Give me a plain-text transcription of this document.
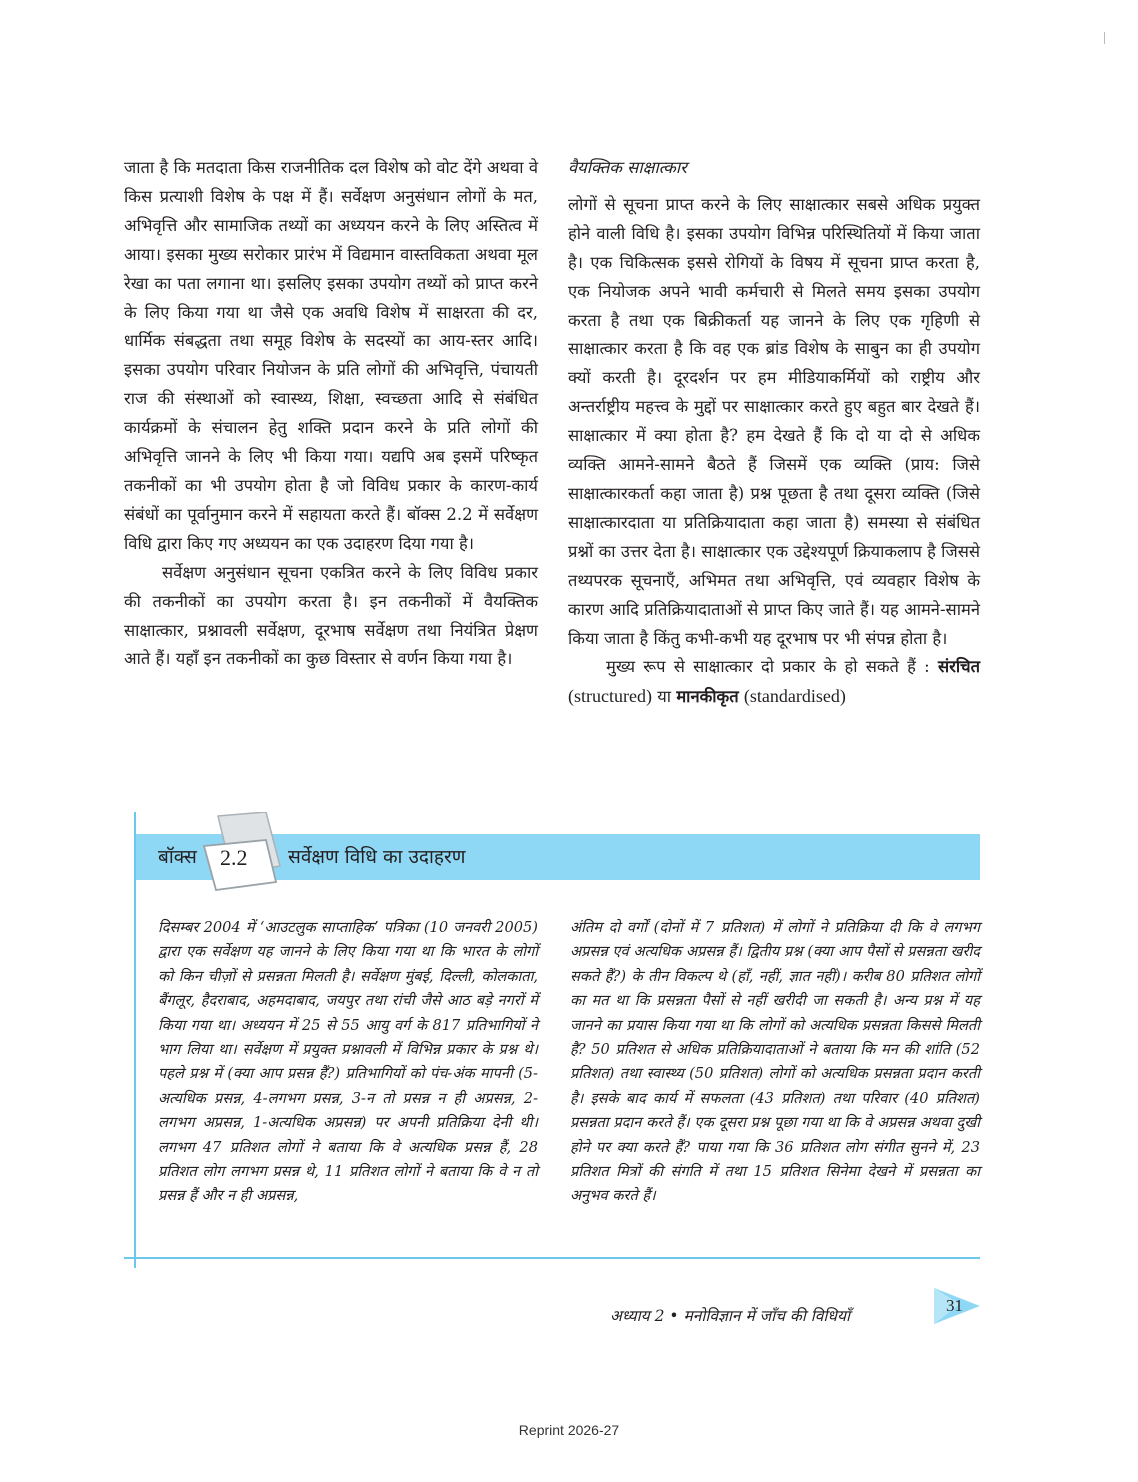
जाता है कि मतदाता किस राजनीतिक दल विशेष को वोट देंगे अथवा वे किस प्रत्याशी विशेष के पक्ष में हैं। सर्वेक्षण अनुसंधान लोगों के मत, अभिवृत्ति और सामाजिक तथ्यों का अध्ययन करने के लिए अस्तित्व में आया। इसका मुख्य सरोकार प्रारंभ में विद्यमान वास्तविकता अथवा मूल रेखा का पता लगाना था। इसलिए इसका उपयोग तथ्यों को प्राप्त करने के लिए किया गया था जैसे एक अवधि विशेष में साक्षरता की दर, धार्मिक संबद्धता तथा समूह विशेष के सदस्यों का आय-स्तर आदि। इसका उपयोग परिवार नियोजन के प्रति लोगों की अभिवृत्ति, पंचायती राज की संस्थाओं को स्वास्थ्य, शिक्षा, स्वच्छता आदि से संबंधित कार्यक्रमों के संचालन हेतु शक्ति प्रदान करने के प्रति लोगों की अभिवृत्ति जानने के लिए भी किया गया। यद्यपि अब इसमें परिष्कृत तकनीकों का भी उपयोग होता है जो विविध प्रकार के कारण-कार्य संबंधों का पूर्वानुमान करने में सहायता करते हैं। बॉक्स 2.2 में सर्वेक्षण विधि द्वारा किए गए अध्ययन का एक उदाहरण दिया गया है।

सर्वेक्षण अनुसंधान सूचना एकत्रित करने के लिए विविध प्रकार की तकनीकों का उपयोग करता है। इन तकनीकों में वैयक्तिक साक्षात्कार, प्रश्नावली सर्वेक्षण, दूरभाष सर्वेक्षण तथा नियंत्रित प्रेक्षण आते हैं। यहाँ इन तकनीकों का कुछ विस्तार से वर्णन किया गया है।

वैयक्तिक साक्षात्कार

लोगों से सूचना प्राप्त करने के लिए साक्षात्कार सबसे अधिक प्रयुक्त होने वाली विधि है। इसका उपयोग विभिन्न परिस्थितियों में किया जाता है। एक चिकित्सक इससे रोगियों के विषय में सूचना प्राप्त करता है, एक नियोजक अपने भावी कर्मचारी से मिलते समय इसका उपयोग करता है तथा एक बिक्रीकर्ता यह जानने के लिए एक गृहिणी से साक्षात्कार करता है कि वह एक ब्रांड विशेष के साबुन का ही उपयोग क्यों करती है। दूरदर्शन पर हम मीडियाकर्मियों को राष्ट्रीय और अन्तर्राष्ट्रीय महत्त्व के मुद्दों पर साक्षात्कार करते हुए बहुत बार देखते हैं। साक्षात्कार में क्या होता है? हम देखते हैं कि दो या दो से अधिक व्यक्ति आमने-सामने बैठते हैं जिसमें एक व्यक्ति (प्राय: जिसे साक्षात्कारकर्ता कहा जाता है) प्रश्न पूछता है तथा दूसरा व्यक्ति (जिसे साक्षात्कारदाता या प्रतिक्रियादाता कहा जाता है) समस्या से संबंधित प्रश्नों का उत्तर देता है। साक्षात्कार एक उद्देश्यपूर्ण क्रियाकलाप है जिससे तथ्यपरक सूचनाएँ, अभिमत तथा अभिवृत्ति, एवं व्यवहार विशेष के कारण आदि प्रतिक्रियादाताओं से प्राप्त किए जाते हैं। यह आमने-सामने किया जाता है किंतु कभी-कभी यह दूरभाष पर भी संपन्न होता है।

मुख्य रूप से साक्षात्कार दो प्रकार के हो सकते हैं : संरचित (structured) या मानकीकृत (standardised)

बॉक्स 2.2 सर्वेक्षण विधि का उदाहरण

दिसम्बर 2004 में ‘आउटलुक साप्ताहिक’ पत्रिका (10 जनवरी 2005) द्वारा एक सर्वेक्षण यह जानने के लिए किया गया था कि भारत के लोगों को किन चीज़ों से प्रसन्नता मिलती है। सर्वेक्षण मुंबई, दिल्ली, कोलकाता, बैंगलूर, हैदराबाद, अहमदाबाद, जयपुर तथा रांची जैसे आठ बड़े नगरों में किया गया था। अध्ययन में 25 से 55 आयु वर्ग के 817 प्रतिभागियों ने भाग लिया था। सर्वेक्षण में प्रयुक्त प्रश्नावली में विभिन्न प्रकार के प्रश्न थे। पहले प्रश्न में (क्या आप प्रसन्न हैं?) प्रतिभागियों को पंच-अंक मापनी (5-अत्यधिक प्रसन्न, 4-लगभग प्रसन्न, 3-न तो प्रसन्न न ही अप्रसन्न, 2-लगभग अप्रसन्न, 1-अत्यधिक अप्रसन्न) पर अपनी प्रतिक्रिया देनी थी। लगभग 47 प्रतिशत लोगों ने बताया कि वे अत्यधिक प्रसन्न हैं, 28 प्रतिशत लोग लगभग प्रसन्न थे, 11 प्रतिशत लोगों ने बताया कि वे न तो प्रसन्न हैं और न ही अप्रसन्न,

अंतिम दो वर्गों (दोनों में 7 प्रतिशत) में लोगों ने प्रतिक्रिया दी कि वे लगभग अप्रसन्न एवं अत्यधिक अप्रसन्न हैं। द्वितीय प्रश्न (क्या आप पैसों से प्रसन्नता खरीद सकते हैं?) के तीन विकल्प थे (हाँ, नहीं, ज्ञात नहीं)। करीब 80 प्रतिशत लोगों का मत था कि प्रसन्नता पैसों से नहीं खरीदी जा सकती है। अन्य प्रश्न में यह जानने का प्रयास किया गया था कि लोगों को अत्यधिक प्रसन्नता किससे मिलती है? 50 प्रतिशत से अधिक प्रतिक्रियादाताओं ने बताया कि मन की शांति (52 प्रतिशत) तथा स्वास्थ्य (50 प्रतिशत) लोगों को अत्यधिक प्रसन्नता प्रदान करती है। इसके बाद कार्य में सफलता (43 प्रतिशत) तथा परिवार (40 प्रतिशत) प्रसन्नता प्रदान करते हैं। एक दूसरा प्रश्न पूछा गया था कि वे अप्रसन्न अथवा दुखी होने पर क्या करते हैं? पाया गया कि 36 प्रतिशत लोग संगीत सुनने में, 23 प्रतिशत मित्रों की संगति में तथा 15 प्रतिशत सिनेमा देखने में प्रसन्नता का अनुभव करते हैं।

अध्याय 2 • मनोविज्ञान में जाँच की विधियाँ
31
Reprint 2026-27
